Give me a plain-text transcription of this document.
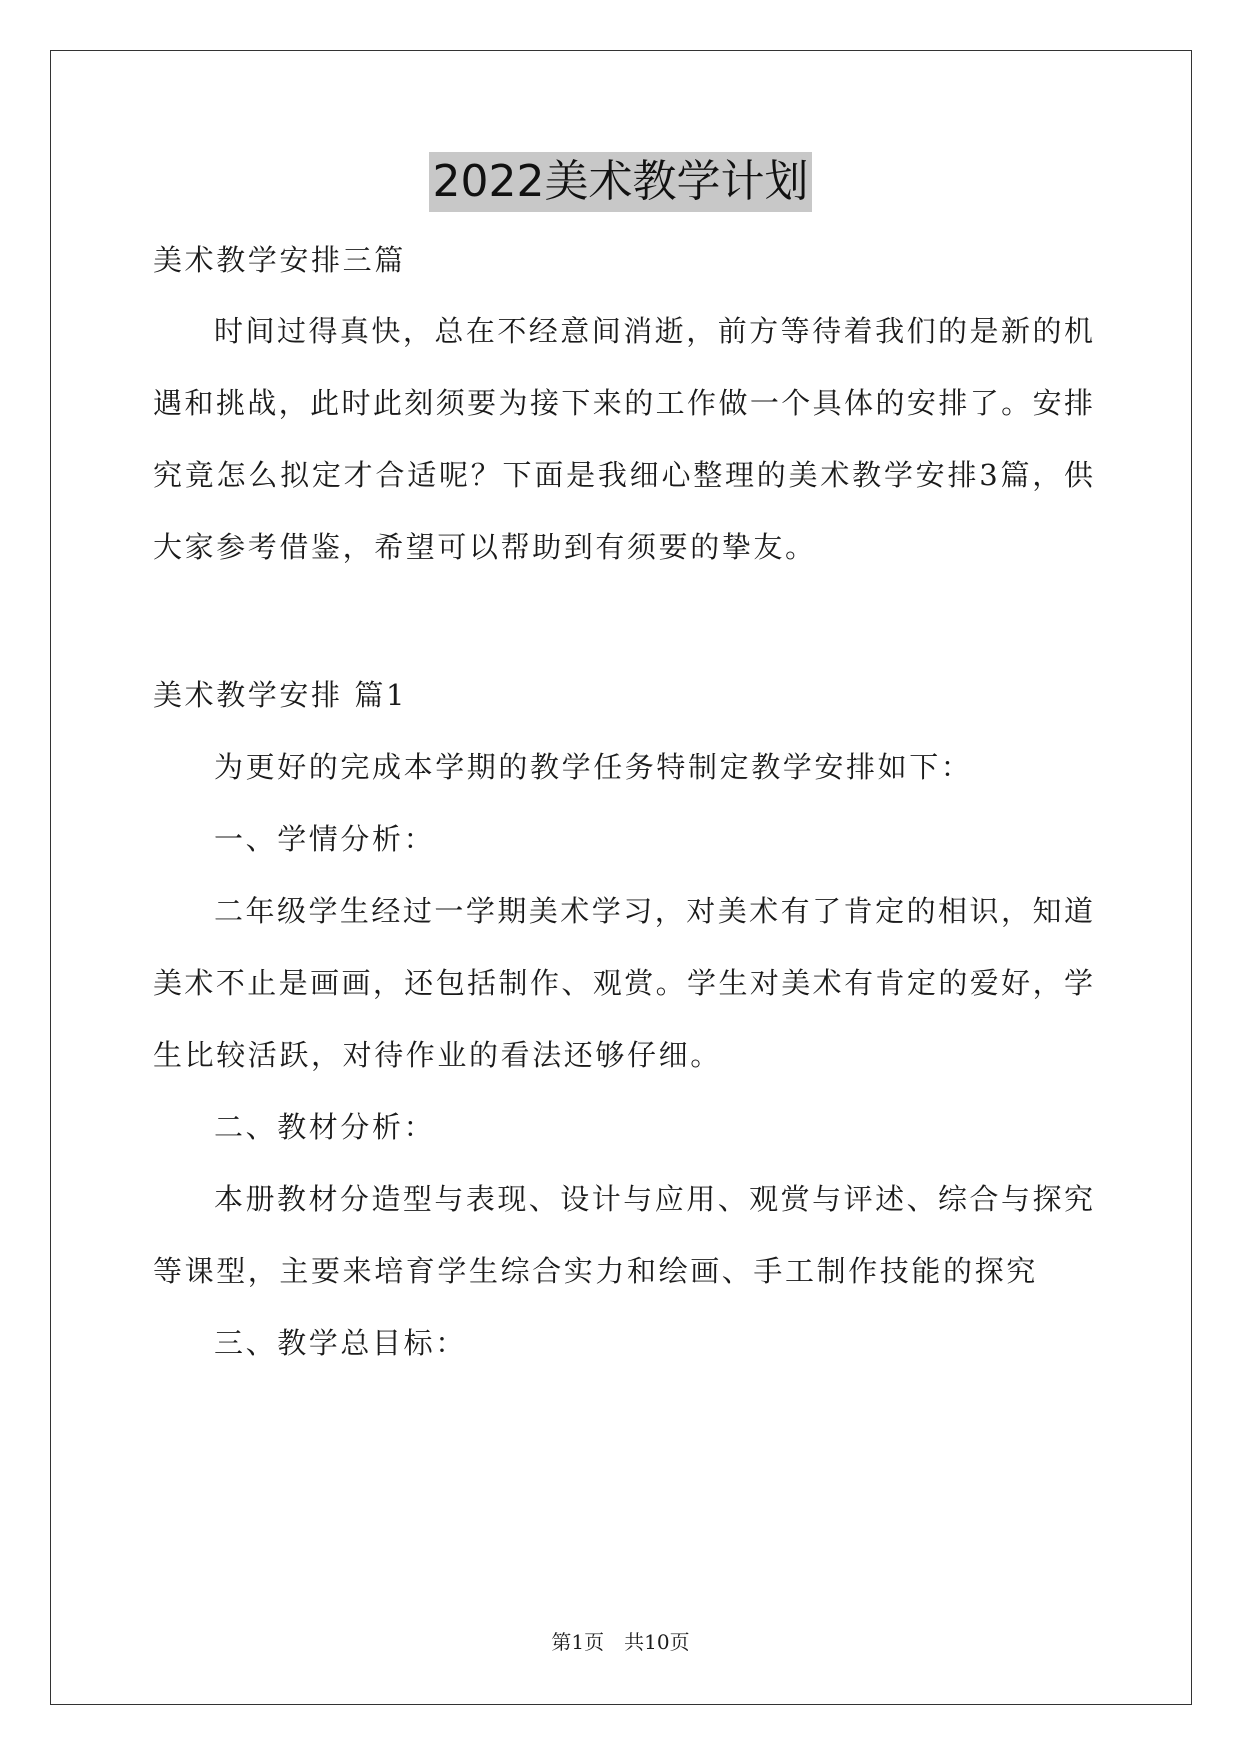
2022美术教学计划
美术教学安排三篇
时间过得真快，总在不经意间消逝，前方等待着我们的是新的机
遇和挑战，此时此刻须要为接下来的工作做一个具体的安排了。安排
究竟怎么拟定才合适呢？下面是我细心整理的美术教学安排3篇，供
大家参考借鉴，希望可以帮助到有须要的挚友。
美术教学安排 篇1
为更好的完成本学期的教学任务特制定教学安排如下：
一、学情分析：
二年级学生经过一学期美术学习，对美术有了肯定的相识，知道
美术不止是画画，还包括制作、观赏。学生对美术有肯定的爱好，学
生比较活跃，对待作业的看法还够仔细。
二、教材分析：
本册教材分造型与表现、设计与应用、观赏与评述、综合与探究
等课型，主要来培育学生综合实力和绘画、手工制作技能的探究
三、教学总目标：
第1页 共10页
